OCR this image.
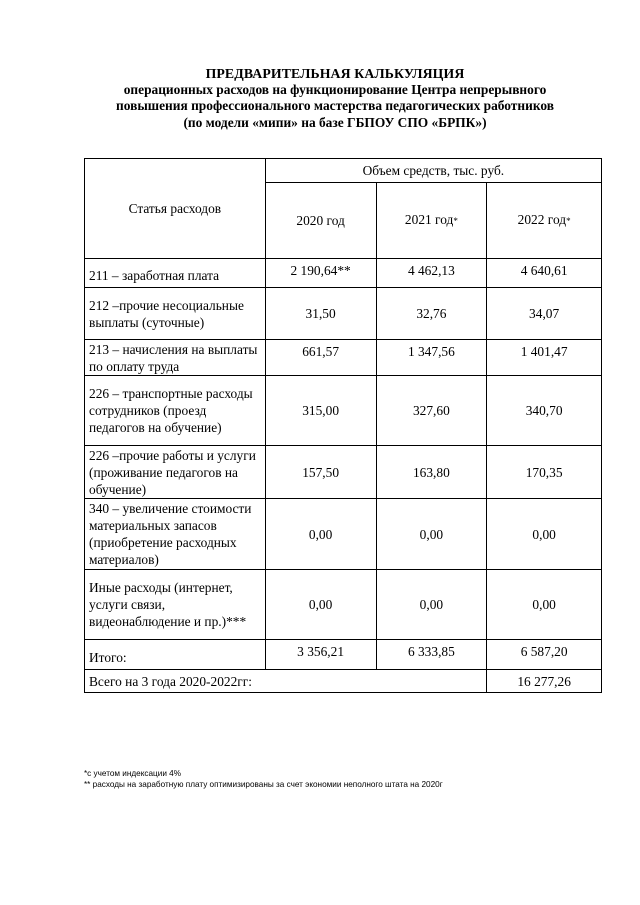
ПРЕДВАРИТЕЛЬНАЯ КАЛЬКУЛЯЦИЯ
операционных расходов на функционирование Центра непрерывного
повышения профессионального мастерства педагогических работников
(по модели «мипи» на базе ГБПОУ СПО «БРПК»)
Статья расходов	Объем средств, тыс. руб.		
	2020 год	2021 год*	2022 год*
211 – заработная плата	2 190,64**	4 462,13	4 640,61
212 –прочие несоциальные выплаты (суточные)	31,50	32,76	34,07
213 – начисления на выплаты по оплату труда	661,57	1 347,56	1 401,47
226 – транспортные расходы сотрудников (проезд педагогов на обучение)	315,00	327,60	340,70
226 –прочие работы и услуги (проживание педагогов на обучение)	157,50	163,80	170,35
340 – увеличение стоимости материальных запасов (приобретение расходных материалов)	0,00	0,00	0,00
Иные расходы (интернет, услуги связи, видеонаблюдение и пр.)***	0,00	0,00	0,00
Итого:	3 356,21	6 333,85	6 587,20
Всего на 3 года 2020-2022гг:			16 277,26
*с учетом индексации 4%
** расходы на заработную плату оптимизированы за счет экономии неполного штата на 2020г
